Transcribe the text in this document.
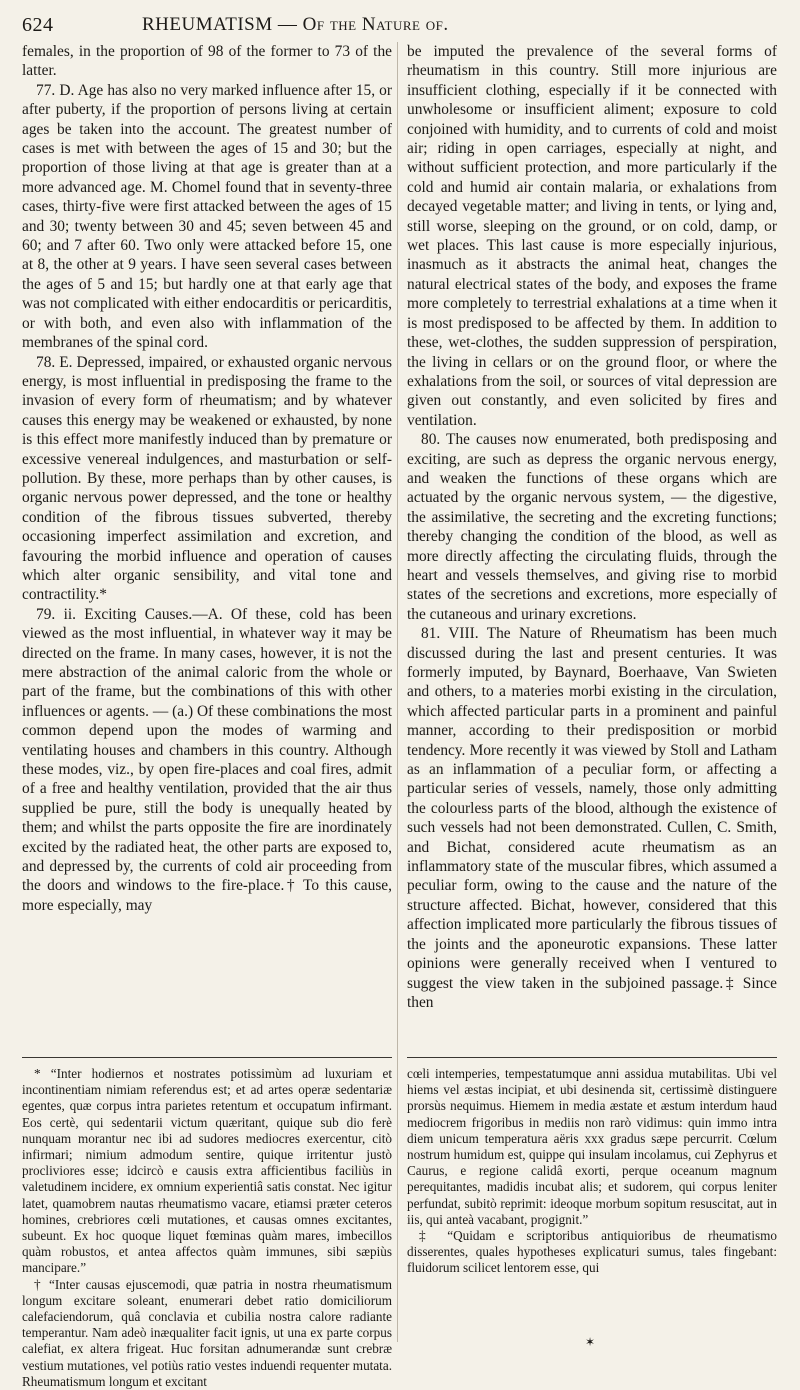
624	RHEUMATISM — Of the Nature of.

females, in the proportion of 98 of the former to 73 of the latter.

77. D. Age has also no very marked influence after 15, or after puberty, if the proportion of persons living at certain ages be taken into the account. The greatest number of cases is met with between the ages of 15 and 30; but the proportion of those living at that age is greater than at a more advanced age. M. Chomel found that in seventy-three cases, thirty-five were first attacked between the ages of 15 and 30; twenty between 30 and 45; seven between 45 and 60; and 7 after 60. Two only were attacked before 15, one at 8, the other at 9 years. I have seen several cases between the ages of 5 and 15; but hardly one at that early age that was not complicated with either endocarditis or pericarditis, or with both, and even also with inflammation of the membranes of the spinal cord.

78. E. Depressed, impaired, or exhausted organic nervous energy, is most influential in predisposing the frame to the invasion of every form of rheumatism; and by whatever causes this energy may be weakened or exhausted, by none is this effect more manifestly induced than by premature or excessive venereal indulgences, and masturbation or self-pollution. By these, more perhaps than by other causes, is organic nervous power depressed, and the tone or healthy condition of the fibrous tissues subverted, thereby occasioning imperfect assimilation and excretion, and favouring the morbid influence and operation of causes which alter organic sensibility, and vital tone and contractility.*

79. ii. Exciting Causes.—A. Of these, cold has been viewed as the most influential, in whatever way it may be directed on the frame. In many cases, however, it is not the mere abstraction of the animal caloric from the whole or part of the frame, but the combinations of this with other influences or agents. — (a.) Of these combinations the most common depend upon the modes of warming and ventilating houses and chambers in this country. Although these modes, viz., by open fire-places and coal fires, admit of a free and healthy ventilation, provided that the air thus supplied be pure, still the body is unequally heated by them; and whilst the parts opposite the fire are inordinately excited by the radiated heat, the other parts are exposed to, and depressed by, the currents of cold air proceeding from the doors and windows to the fire-place.† To this cause, more especially, may

be imputed the prevalence of the several forms of rheumatism in this country. Still more injurious are insufficient clothing, especially if it be connected with unwholesome or insufficient aliment; exposure to cold conjoined with humidity, and to currents of cold and moist air; riding in open carriages, especially at night, and without sufficient protection, and more particularly if the cold and humid air contain malaria, or exhalations from decayed vegetable matter; and living in tents, or lying and, still worse, sleeping on the ground, or on cold, damp, or wet places. This last cause is more especially injurious, inasmuch as it abstracts the animal heat, changes the natural electrical states of the body, and exposes the frame more completely to terrestrial exhalations at a time when it is most predisposed to be affected by them. In addition to these, wet-clothes, the sudden suppression of perspiration, the living in cellars or on the ground floor, or where the exhalations from the soil, or sources of vital depression are given out constantly, and even solicited by fires and ventilation.

80. The causes now enumerated, both predisposing and exciting, are such as depress the organic nervous energy, and weaken the functions of these organs which are actuated by the organic nervous system, — the digestive, the assimilative, the secreting and the excreting functions; thereby changing the condition of the blood, as well as more directly affecting the circulating fluids, through the heart and vessels themselves, and giving rise to morbid states of the secretions and excretions, more especially of the cutaneous and urinary excretions.

81. VIII. The Nature of Rheumatism has been much discussed during the last and present centuries. It was formerly imputed, by Baynard, Boerhaave, Van Swieten and others, to a materies morbi existing in the circulation, which affected particular parts in a prominent and painful manner, according to their predisposition or morbid tendency. More recently it was viewed by Stoll and Latham as an inflammation of a peculiar form, or affecting a particular series of vessels, namely, those only admitting the colourless parts of the blood, although the existence of such vessels had not been demonstrated. Cullen, C. Smith, and Bichat, considered acute rheumatism as an inflammatory state of the muscular fibres, which assumed a peculiar form, owing to the cause and the nature of the structure affected. Bichat, however, considered that this affection implicated more particularly the fibrous tissues of the joints and the aponeurotic expansions. These latter opinions were generally received when I ventured to suggest the view taken in the subjoined passage.‡ Since then

* “Inter hodiernos et nostrates potissimùm ad luxuriam et incontinentiam nimiam referendus est; et ad artes operæ sedentariæ egentes, quæ corpus intra parietes retentum et occupatum infirmant. Eos certè, qui sedentarii victum quæritant, quique sub dio ferè nunquam morantur nec ibi ad sudores mediocres exercentur, citò infirmari; nimium admodum sentire, quique irritentur justò procliviores esse; idcircò e causis extra afficientibus faciliùs in valetudinem incidere, ex omnium experientiâ satis constat. Nec igitur latet, quamobrem nautas rheumatismo vacare, etiamsi præter ceteros homines, crebriores cœli mutationes, et causas omnes excitantes, subeunt. Ex hoc quoque liquet fœminas quàm mares, imbecillos quàm robustos, et antea affectos quàm immunes, sibi sæpiùs mancipare.”

† “Inter causas ejuscemodi, quæ patria in nostra rheumatismum longum excitare soleant, enumerari debet ratio domiciliorum calefaciendorum, quâ conclavia et cubilia nostra calore radiante temperantur. Nam adeò inæqualiter facit ignis, ut una ex parte corpus calefiat, ex altera frigeat. Huc forsitan adnumerandæ sunt crebræ vestium mutationes, vel potiùs ratio vestes induendi requenter mutata. Rheumatismum longum et excitant

cœli intemperies, tempestatumque anni assidua mutabilitas. Ubi vel hiems vel æstas incipiat, et ubi desinenda sit, certissimè distinguere prorsùs nequimus. Hiemem in media æstate et æstum interdum haud mediocrem frigoribus in mediis non rarò vidimus: quin immo intra diem unicum temperatura aëris xxx gradus sæpe percurrit. Cœlum nostrum humidum est, quippe qui insulam incolamus, cui Zephyrus et Caurus, e regione calidâ exorti, perque oceanum magnum perequitantes, madidis incubat alis; et sudorem, qui corpus leniter perfundat, subitò reprimit: ideoque morbum sopitum resuscitat, aut in iis, qui anteà vacabant, progignit.”

‡ “Quidam e scriptoribus antiquioribus de rheumatismo disserentes, quales hypotheses explicaturi sumus, tales fingebant: fluidorum scilicet lentorem esse, qui

✶
